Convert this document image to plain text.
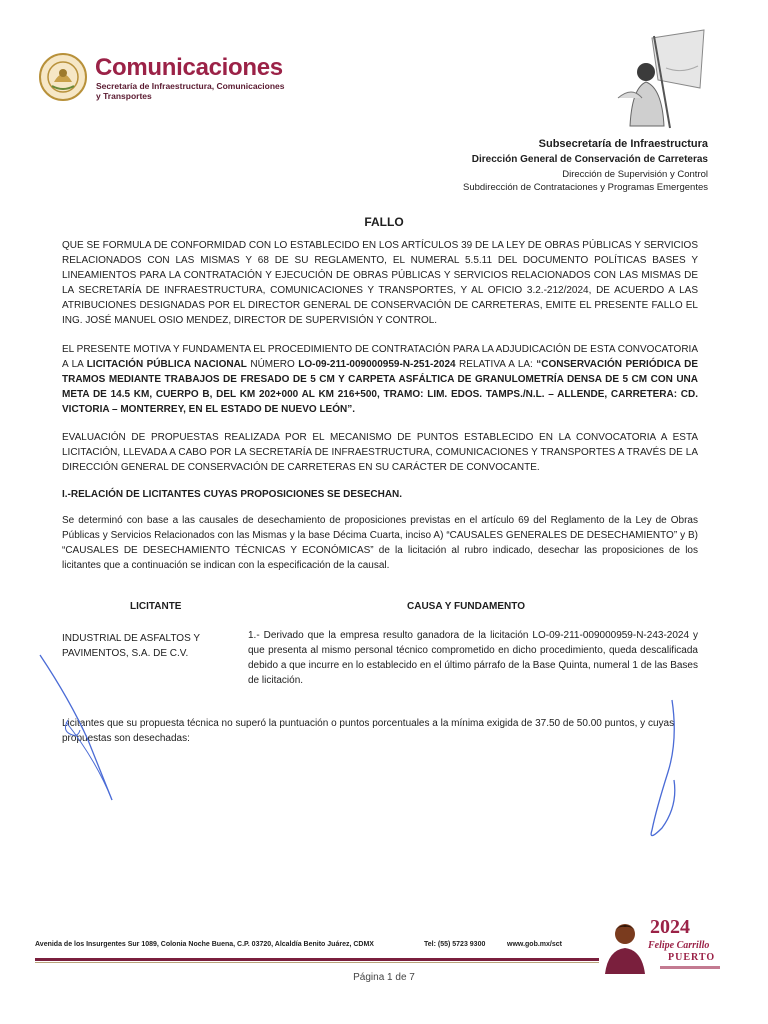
Comunicaciones
Secretaría de Infraestructura, Comunicaciones
y Transportes
Subsecretaría de Infraestructura
Dirección General de Conservación de Carreteras
Dirección de Supervisión y Control
Subdirección de Contrataciones y Programas Emergentes
FALLO
QUE SE FORMULA DE CONFORMIDAD CON LO ESTABLECIDO EN LOS ARTÍCULOS 39 DE LA LEY DE OBRAS PÚBLICAS Y SERVICIOS RELACIONADOS CON LAS MISMAS Y 68 DE SU REGLAMENTO, EL NUMERAL 5.5.11 DEL DOCUMENTO POLÍTICAS BASES Y LINEAMIENTOS PARA LA CONTRATACIÓN Y EJECUCIÓN DE OBRAS PÚBLICAS Y SERVICIOS RELACIONADOS CON LAS MISMAS DE LA SECRETARÍA DE INFRAESTRUCTURA, COMUNICACIONES Y TRANSPORTES, Y AL OFICIO 3.2.-212/2024, DE ACUERDO A LAS ATRIBUCIONES DESIGNADAS POR EL DIRECTOR GENERAL DE CONSERVACIÓN DE CARRETERAS, EMITE EL PRESENTE FALLO EL ING. JOSÉ MANUEL OSIO MENDEZ, DIRECTOR DE SUPERVISIÓN Y CONTROL.
EL PRESENTE MOTIVA Y FUNDAMENTA EL PROCEDIMIENTO DE CONTRATACIÓN PARA LA ADJUDICACIÓN DE ESTA CONVOCATORIA A LA LICITACIÓN PÚBLICA NACIONAL NÚMERO LO-09-211-009000959-N-251-2024 RELATIVA A LA: “CONSERVACIÓN PERIÓDICA DE TRAMOS MEDIANTE TRABAJOS DE FRESADO DE 5 CM Y CARPETA ASFÁLTICA DE GRANULOMETRÍA DENSA DE 5 CM CON UNA META DE 14.5 KM, CUERPO B, DEL KM 202+000 AL KM 216+500, TRAMO: LIM. EDOS. TAMPS./N.L. – ALLENDE, CARRETERA: CD. VICTORIA – MONTERREY, EN EL ESTADO DE NUEVO LEÓN”.
EVALUACIÓN DE PROPUESTAS REALIZADA POR EL MECANISMO DE PUNTOS ESTABLECIDO EN LA CONVOCATORIA A ESTA LICITACIÓN, LLEVADA A CABO POR LA SECRETARÍA DE INFRAESTRUCTURA, COMUNICACIONES Y TRANSPORTES A TRAVÉS DE LA DIRECCIÓN GENERAL DE CONSERVACIÓN DE CARRETERAS EN SU CARÁCTER DE CONVOCANTE.
I.-RELACIÓN DE LICITANTES CUYAS PROPOSICIONES SE DESECHAN.
Se determinó con base a las causales de desechamiento de proposiciones previstas en el artículo 69 del Reglamento de la Ley de Obras Públicas y Servicios Relacionados con las Mismas y la base Décima Cuarta, inciso A) “CAUSALES GENERALES DE DESECHAMIENTO” y B) “CAUSALES DE DESECHAMIENTO TÉCNICAS Y ECONÓMICAS” de la licitación al rubro indicado, desechar las proposiciones de los licitantes que a continuación se indican con la especificación de la causal.
LICITANTE	CAUSA Y FUNDAMENTO
INDUSTRIAL DE ASFALTOS Y PAVIMENTOS, S.A. DE C.V.
1.- Derivado que la empresa resulto ganadora de la licitación LO-09-211-009000959-N-243-2024 y que presenta al mismo personal técnico comprometido en dicho procedimiento, queda descalificada debido a que incurre en lo establecido en el último párrafo de la Base Quinta, numeral 1 de las Bases de licitación.
Licitantes que su propuesta técnica no superó la puntuación o puntos porcentuales a la mínima exigida de 37.50 de 50.00 puntos, y cuyas propuestas son desechadas:
Avenida de los Insurgentes Sur 1089, Colonia Noche Buena, C.P. 03720, Alcaldía Benito Juárez, CDMX	Tel: (55) 5723 9300	www.gob.mx/sct
Página 1 de 7
2024
Felipe Carrillo
PUERTO
